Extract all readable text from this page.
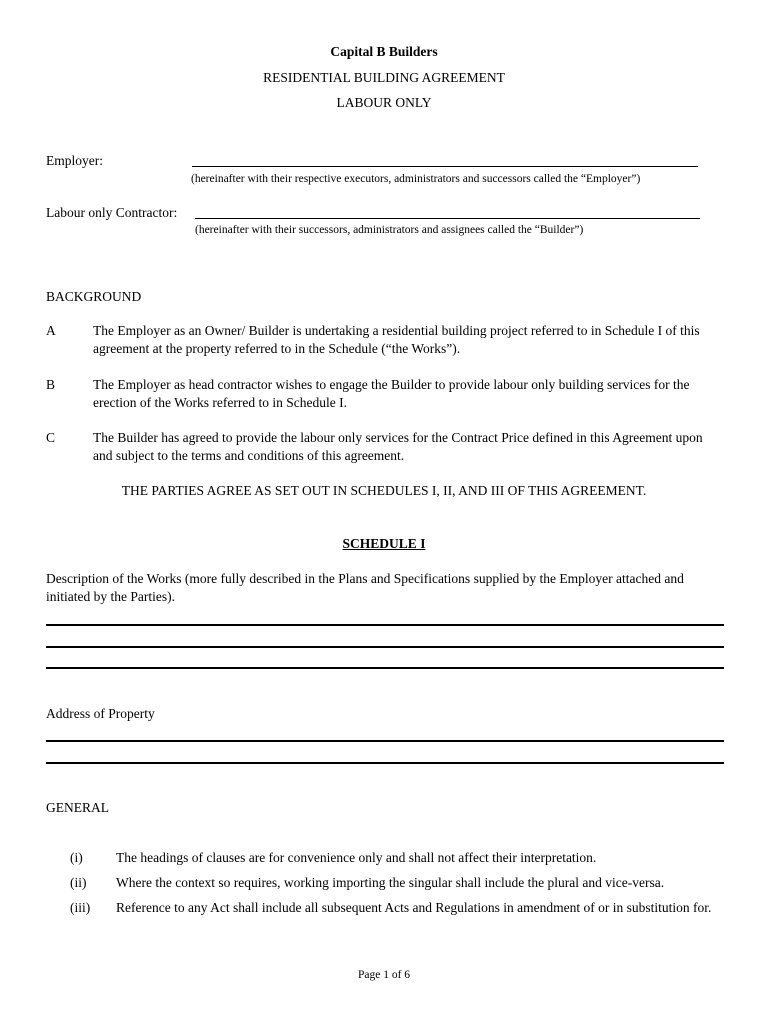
Capital B Builders
RESIDENTIAL BUILDING AGREEMENT
LABOUR ONLY
Employer:
(hereinafter with their respective executors, administrators and successors called the “Employer”)
Labour only Contractor:
(hereinafter with their successors, administrators and assignees called the “Builder”)
BACKGROUND
A	The Employer as an Owner/ Builder is undertaking a residential building project referred to in Schedule I of this agreement at the property referred to in the Schedule (“the Works”).
B	The Employer as head contractor wishes to engage the Builder to provide labour only building services for the erection of the Works referred to in Schedule I.
C	The Builder has agreed to provide the labour only services for the Contract Price defined in this Agreement upon and subject to the terms and conditions of this agreement.
THE PARTIES AGREE AS SET OUT IN SCHEDULES I, II, AND III OF THIS AGREEMENT.
SCHEDULE I
Description of the Works (more fully described in the Plans and Specifications supplied by the Employer attached and initiated by the Parties).
Address of Property
GENERAL
(i) The headings of clauses are for convenience only and shall not affect their interpretation.
(ii) Where the context so requires, working importing the singular shall include the plural and vice-versa.
(iii) Reference to any Act shall include all subsequent Acts and Regulations in amendment of or in substitution for.
Page 1 of 6
